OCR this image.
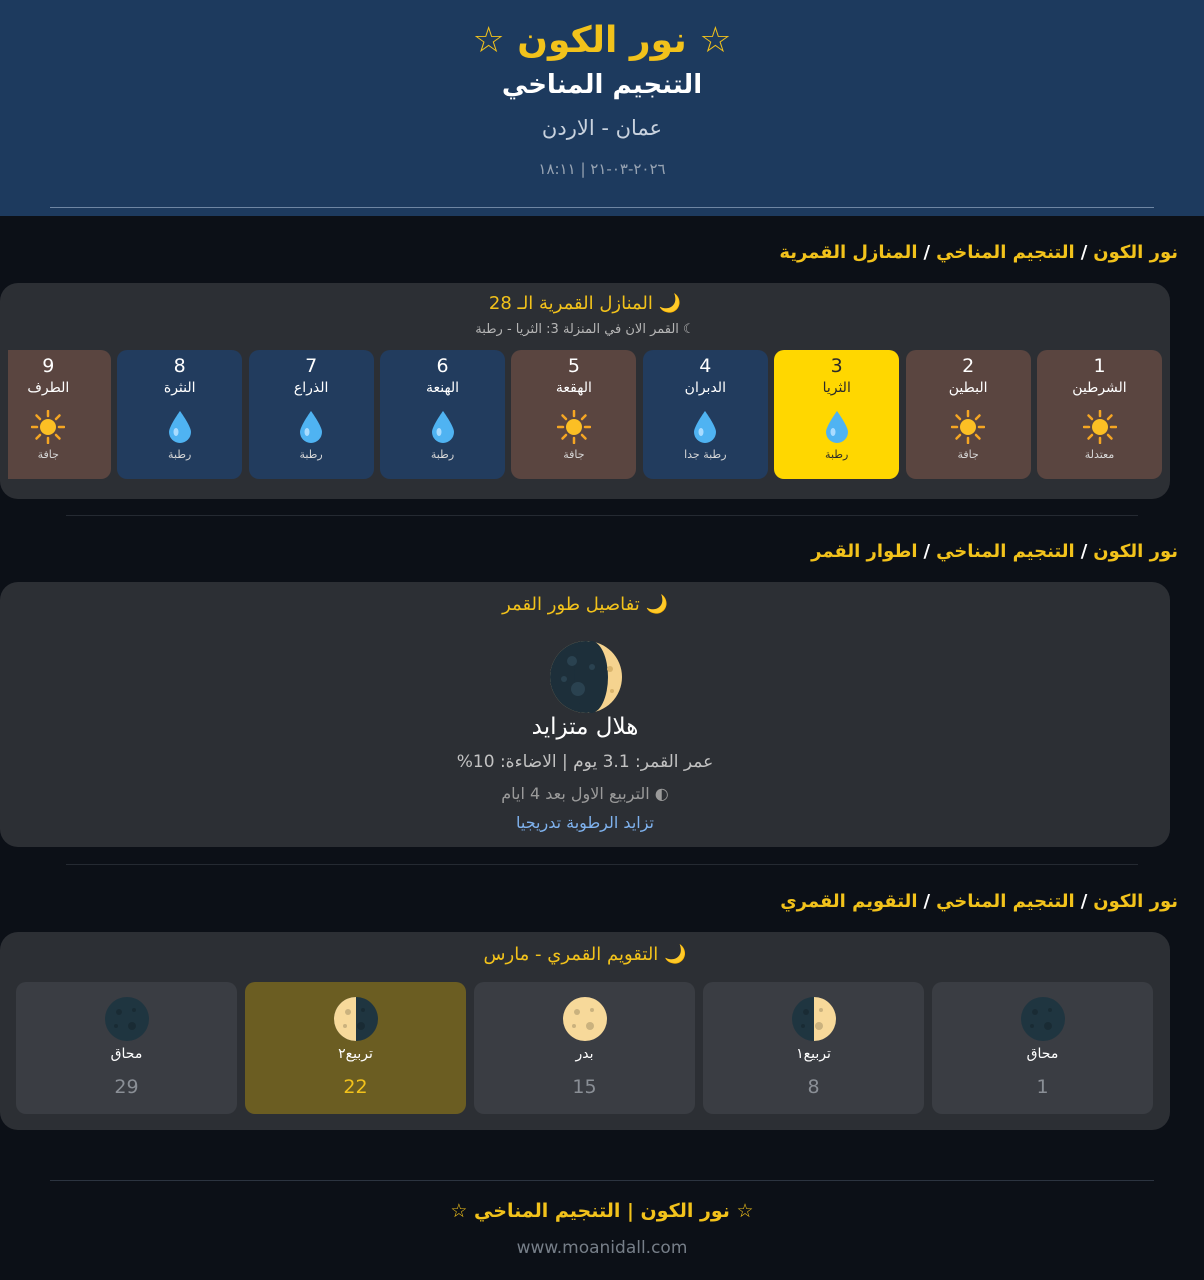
☆ نور الكون ☆
التنجيم المناخي
عمان - الاردن
٢٠٢٦-٠٣-٢١ | ١٨:١١
نور الكون/التنجيم المناخي/المنازل القمرية
🌙 المنازل القمرية الـ 28
☾ القمر الان في المنزلة 3: الثريا - رطبة
1
الشرطين
معتدلة
2
البطين
جافة
3
الثريا
رطبة
4
الدبران
رطبة جدا
5
الهقعة
جافة
6
الهنعة
رطبة
7
الذراع
رطبة
8
النثرة
رطبة
9
الطرف
جافة
نور الكون/التنجيم المناخي/اطوار القمر
🌙 تفاصيل طور القمر
هلال متزايد
عمر القمر: 3.1 يوم | الاضاءة: 10%
◐ التربيع الاول بعد 4 ايام
تزايد الرطوبة تدريجيا
نور الكون/التنجيم المناخي/التقويم القمري
🌙 التقويم القمري - مارس
محاق
1
تربيع١
8
بدر
15
تربيع٢
22
محاق
29
☆ نور الكون | التنجيم المناخي ☆
www.moanidall.com
